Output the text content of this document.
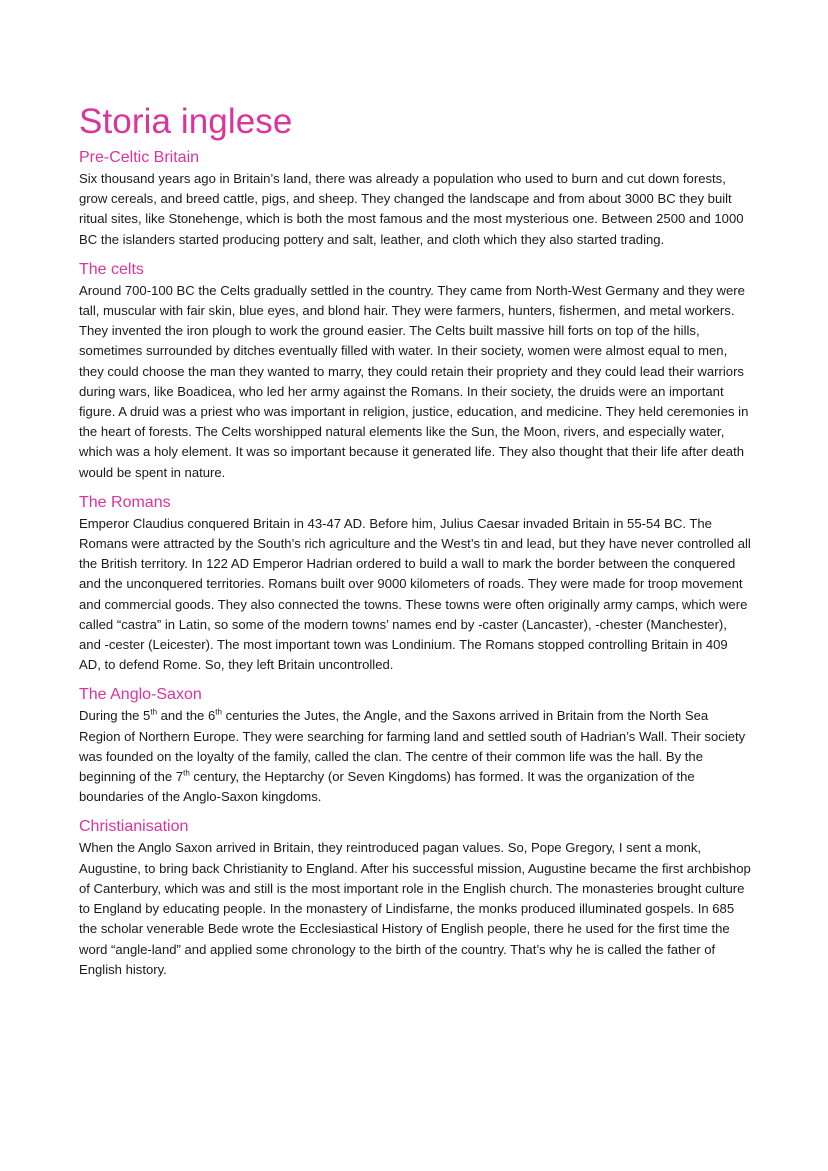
Storia inglese
Pre-Celtic Britain

Six thousand years ago in Britain’s land, there was already a population who used to burn and cut down forests, grow cereals, and breed cattle, pigs, and sheep. They changed the landscape and from about 3000 BC they built ritual sites, like Stonehenge, which is both the most famous and the most mysterious one. Between 2500 and 1000 BC the islanders started producing pottery and salt, leather, and cloth which they also started trading.

The celts

Around 700-100 BC the Celts gradually settled in the country. They came from North-West Germany and they were tall, muscular with fair skin, blue eyes, and blond hair. They were farmers, hunters, fishermen, and metal workers. They invented the iron plough to work the ground easier. The Celts built massive hill forts on top of the hills, sometimes surrounded by ditches eventually filled with water. In their society, women were almost equal to men, they could choose the man they wanted to marry, they could retain their propriety and they could lead their warriors during wars, like Boadicea, who led her army against the Romans. In their society, the druids were an important figure. A druid was a priest who was important in religion, justice, education, and medicine. They held ceremonies in the heart of forests. The Celts worshipped natural elements like the Sun, the Moon, rivers, and especially water, which was a holy element. It was so important because it generated life. They also thought that their life after death would be spent in nature.

The Romans

Emperor Claudius conquered Britain in 43-47 AD. Before him, Julius Caesar invaded Britain in 55-54 BC. The Romans were attracted by the South’s rich agriculture and the West’s tin and lead, but they have never controlled all the British territory. In 122 AD Emperor Hadrian ordered to build a wall to mark the border between the conquered and the unconquered territories. Romans built over 9000 kilometers of roads. They were made for troop movement and commercial goods. They also connected the towns. These towns were often originally army camps, which were called “castra” in Latin, so some of the modern towns’ names end by -caster (Lancaster), -chester (Manchester), and -cester (Leicester). The most important town was Londinium. The Romans stopped controlling Britain in 409 AD, to defend Rome. So, they left Britain uncontrolled.

The Anglo-Saxon

During the 5th and the 6th centuries the Jutes, the Angle, and the Saxons arrived in Britain from the North Sea Region of Northern Europe. They were searching for farming land and settled south of Hadrian’s Wall. Their society was founded on the loyalty of the family, called the clan. The centre of their common life was the hall. By the beginning of the 7th century, the Heptarchy (or Seven Kingdoms) has formed. It was the organization of the boundaries of the Anglo-Saxon kingdoms.

Christianisation

When the Anglo Saxon arrived in Britain, they reintroduced pagan values. So, Pope Gregory, I sent a monk, Augustine, to bring back Christianity to England. After his successful mission, Augustine became the first archbishop of Canterbury, which was and still is the most important role in the English church. The monasteries brought culture to England by educating people. In the monastery of Lindisfarne, the monks produced illuminated gospels. In 685 the scholar venerable Bede wrote the Ecclesiastical History of English people, there he used for the first time the word “angle-land” and applied some chronology to the birth of the country. That’s why he is called the father of English history.
